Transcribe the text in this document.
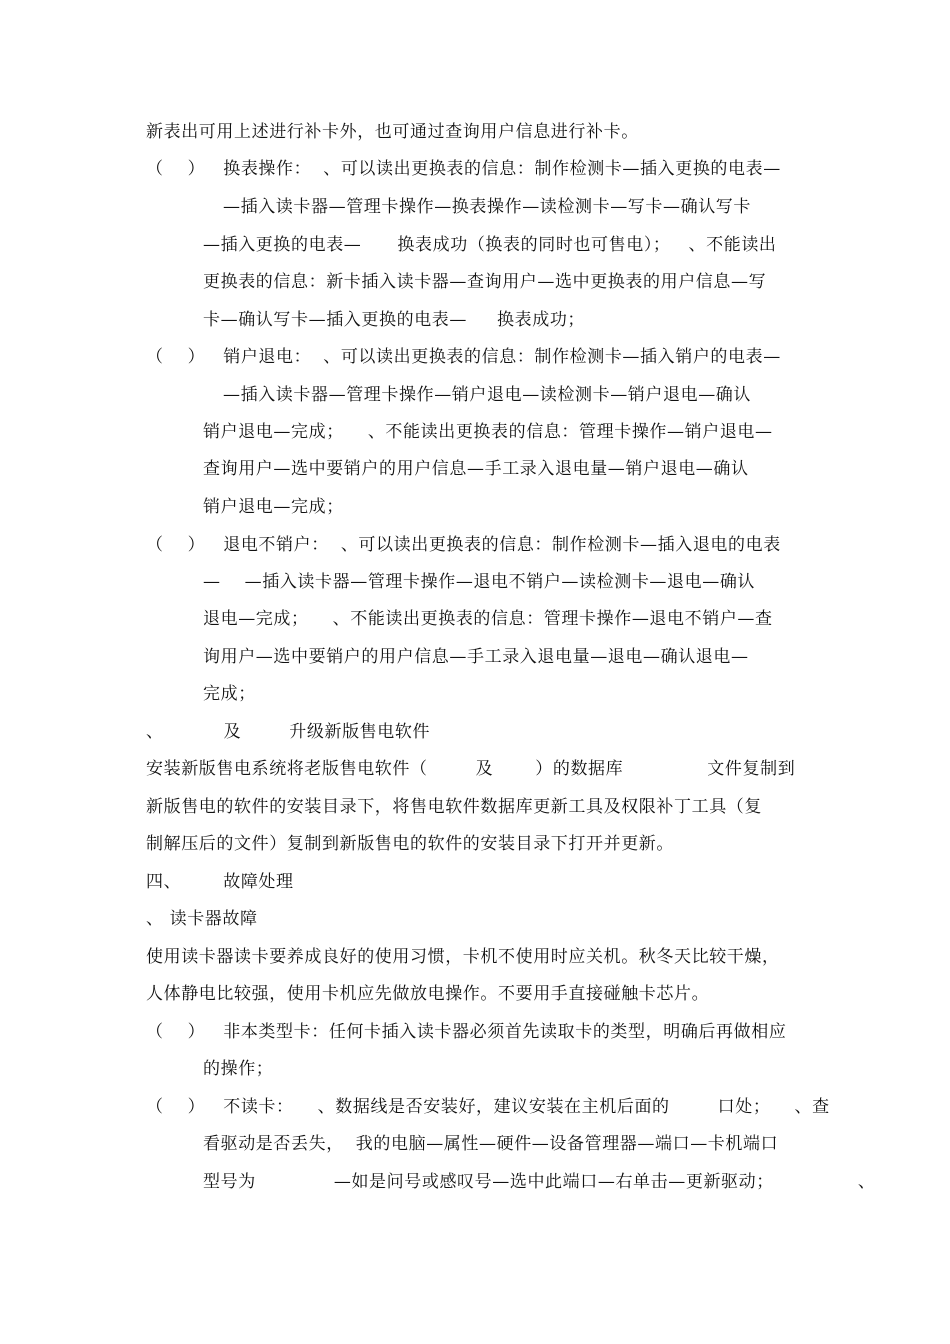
新表出可用上述进行补卡外，也可通过查询用户信息进行补卡。
（    ）   换表操作：  、可以读出更换表的信息：制作检测卡—插入更换的电表—
—插入读卡器—管理卡操作—换表操作—读检测卡—写卡—确认写卡
—插入更换的电表—      换表成功（换表的同时也可售电）；   、不能读出
更换表的信息：新卡插入读卡器—查询用户—选中更换表的用户信息—写
卡—确认写卡—插入更换的电表—     换表成功；
（    ）   销户退电：  、可以读出更换表的信息：制作检测卡—插入销户的电表—
—插入读卡器—管理卡操作—销户退电—读检测卡—销户退电—确认
销户退电—完成；    、不能读出更换表的信息：管理卡操作—销户退电—
查询用户—选中要销户的用户信息—手工录入退电量—销户退电—确认
销户退电—完成；
（    ）   退电不销户：  、可以读出更换表的信息：制作检测卡—插入退电的电表
—    —插入读卡器—管理卡操作—退电不销户—读检测卡—退电—确认
退电—完成；    、不能读出更换表的信息：管理卡操作—退电不销户—查
询用户—选中要销户的用户信息—手工录入退电量—退电—确认退电—
完成；
、          及        升级新版售电软件
安装新版售电系统将老版售电软件（        及       ）的数据库              文件复制到
新版售电的软件的安装目录下，将售电软件数据库更新工具及权限补丁工具（复
制解压后的文件）复制到新版售电的软件的安装目录下打开并更新。
四、       故障处理
、 读卡器故障
使用读卡器读卡要养成良好的使用习惯，卡机不使用时应关机。秋冬天比较干燥，
人体静电比较强，使用卡机应先做放电操作。不要用手直接碰触卡芯片。
（    ）   非本类型卡：任何卡插入读卡器必须首先读取卡的类型，明确后再做相应
的操作；
（    ）   不读卡：    、数据线是否安装好，建议安装在主机后面的        口处；    、查
看驱动是否丢失，  我的电脑—属性—硬件—设备管理器—端口—卡机端口
型号为             —如是问号或感叹号—选中此端口—右单击—更新驱动；              、
